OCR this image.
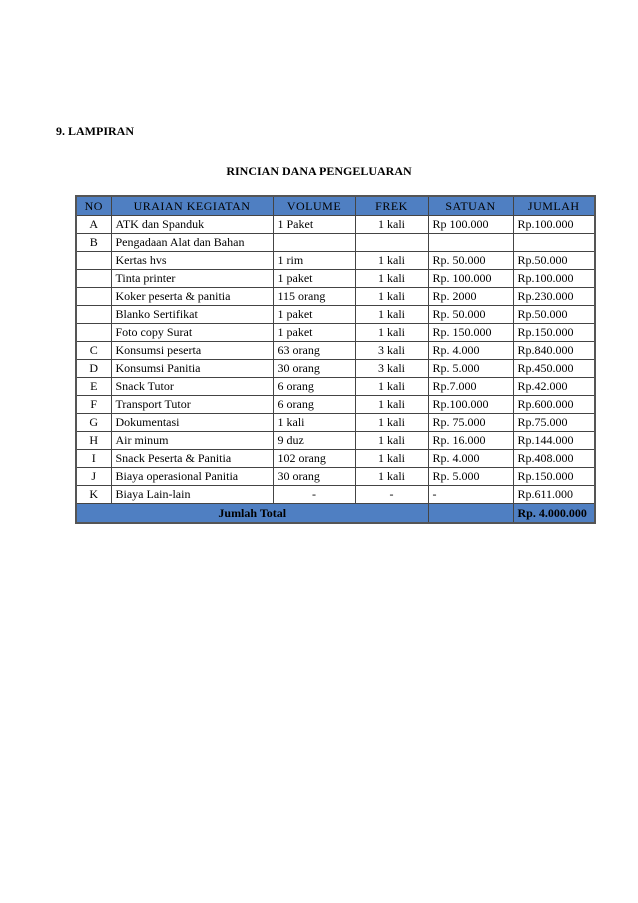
9. LAMPIRAN
RINCIAN DANA PENGELUARAN
NO	URAIAN KEGIATAN	VOLUME	FREK	SATUAN	JUMLAH
A	ATK dan Spanduk	1 Paket	1 kali	Rp 100.000	Rp.100.000
B	Pengadaan Alat dan Bahan				
	Kertas hvs	1 rim	1 kali	Rp. 50.000	Rp.50.000
	Tinta printer	1 paket	1 kali	Rp. 100.000	Rp.100.000
	Koker peserta & panitia	115 orang	1 kali	Rp. 2000	Rp.230.000
	Blanko Sertifikat	1 paket	1 kali	Rp. 50.000	Rp.50.000
	Foto copy Surat	1 paket	1 kali	Rp. 150.000	Rp.150.000
C	Konsumsi peserta	63 orang	3 kali	Rp. 4.000	Rp.840.000
D	Konsumsi Panitia	30 orang	3 kali	Rp. 5.000	Rp.450.000
E	Snack Tutor	6 orang	1 kali	Rp.7.000	Rp.42.000
F	Transport Tutor	6 orang	1 kali	Rp.100.000	Rp.600.000
G	Dokumentasi	1 kali	1 kali	Rp. 75.000	Rp.75.000
H	Air minum	9 duz	1 kali	Rp. 16.000	Rp.144.000
I	Snack Peserta & Panitia	102 orang	1 kali	Rp. 4.000	Rp.408.000
J	Biaya operasional Panitia	30 orang	1 kali	Rp. 5.000	Rp.150.000
K	Biaya Lain-lain	-	-	-	Rp.611.000
Jumlah Total					Rp. 4.000.000
